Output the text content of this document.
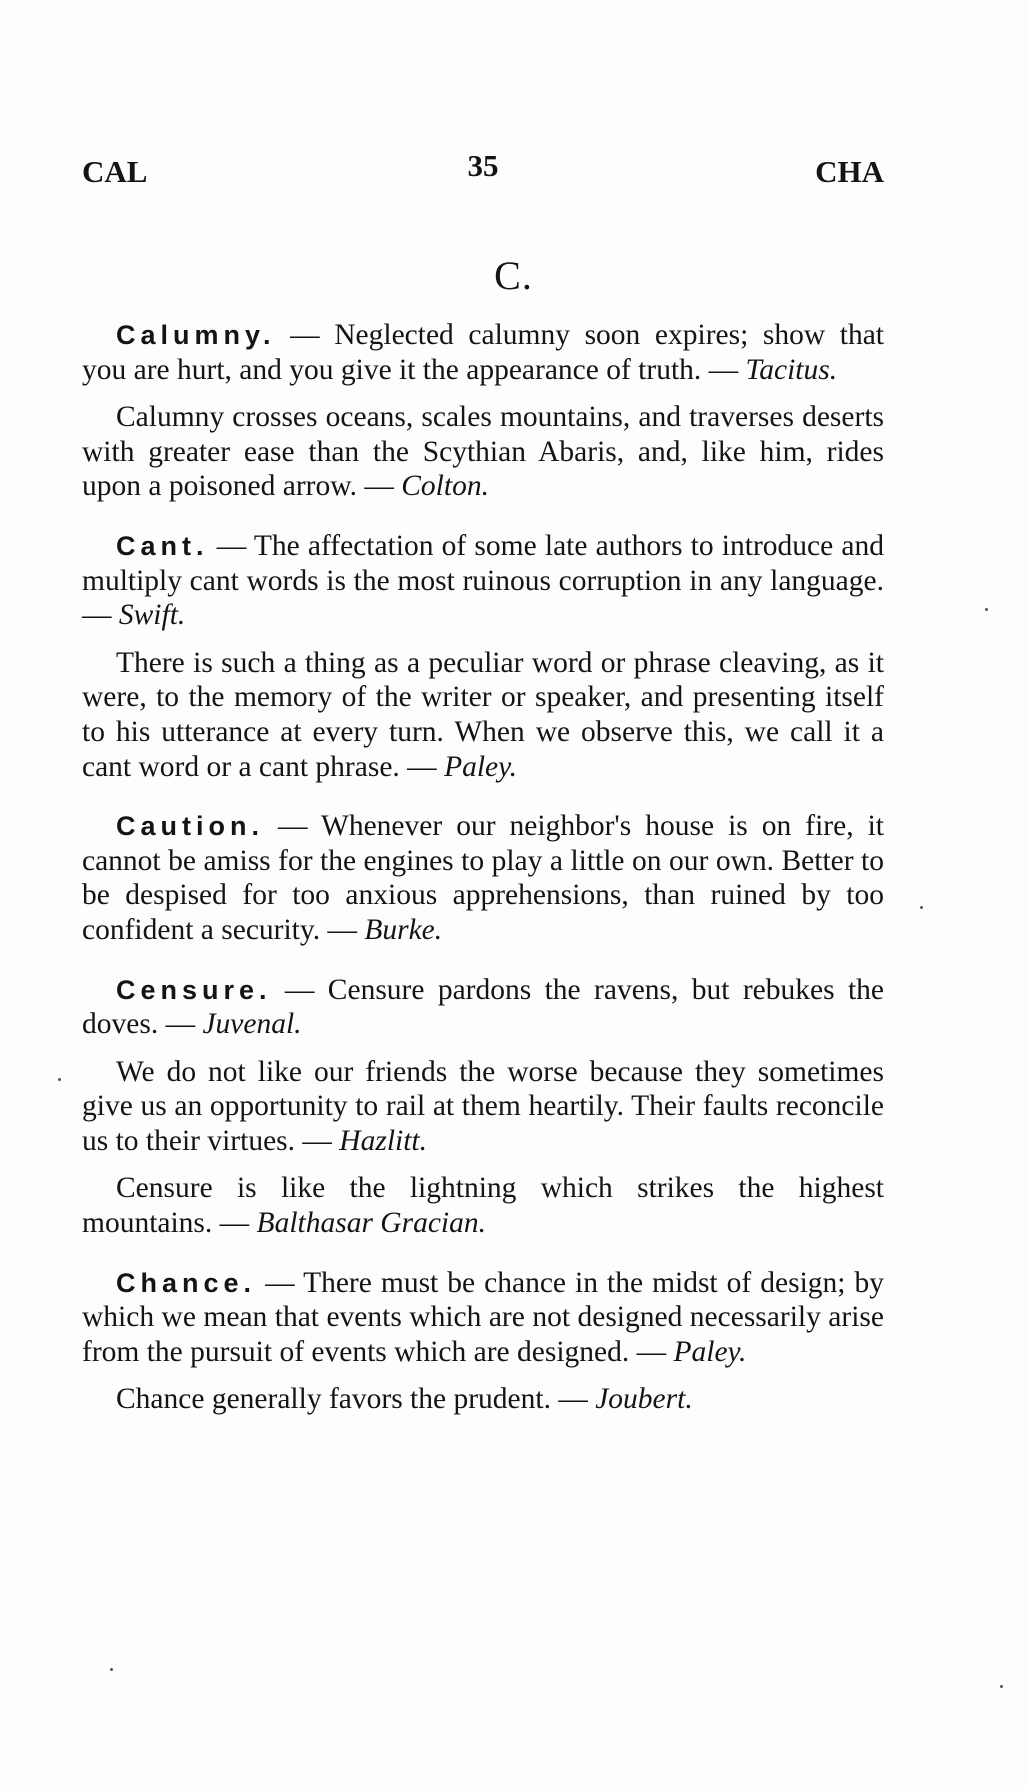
CAL	35	CHA
C.

Calumny. — Neglected calumny soon expires; show that you are hurt, and you give it the appearance of truth. — Tacitus.

Calumny crosses oceans, scales mountains, and traverses deserts with greater ease than the Scythian Abaris, and, like him, rides upon a poisoned arrow. — Colton.

Cant. — The affectation of some late authors to introduce and multiply cant words is the most ruinous corruption in any language. — Swift.

There is such a thing as a peculiar word or phrase cleaving, as it were, to the memory of the writer or speaker, and presenting itself to his utterance at every turn. When we observe this, we call it a cant word or a cant phrase. — Paley.

Caution. — Whenever our neighbor's house is on fire, it cannot be amiss for the engines to play a little on our own. Better to be despised for too anxious apprehensions, than ruined by too confident a security. — Burke.

Censure. — Censure pardons the ravens, but rebukes the doves. — Juvenal.

We do not like our friends the worse because they sometimes give us an opportunity to rail at them heartily. Their faults reconcile us to their virtues. — Hazlitt.

Censure is like the lightning which strikes the highest mountains. — Balthasar Gracian.

Chance. — There must be chance in the midst of design; by which we mean that events which are not designed necessarily arise from the pursuit of events which are designed. — Paley.

Chance generally favors the prudent. — Joubert.
